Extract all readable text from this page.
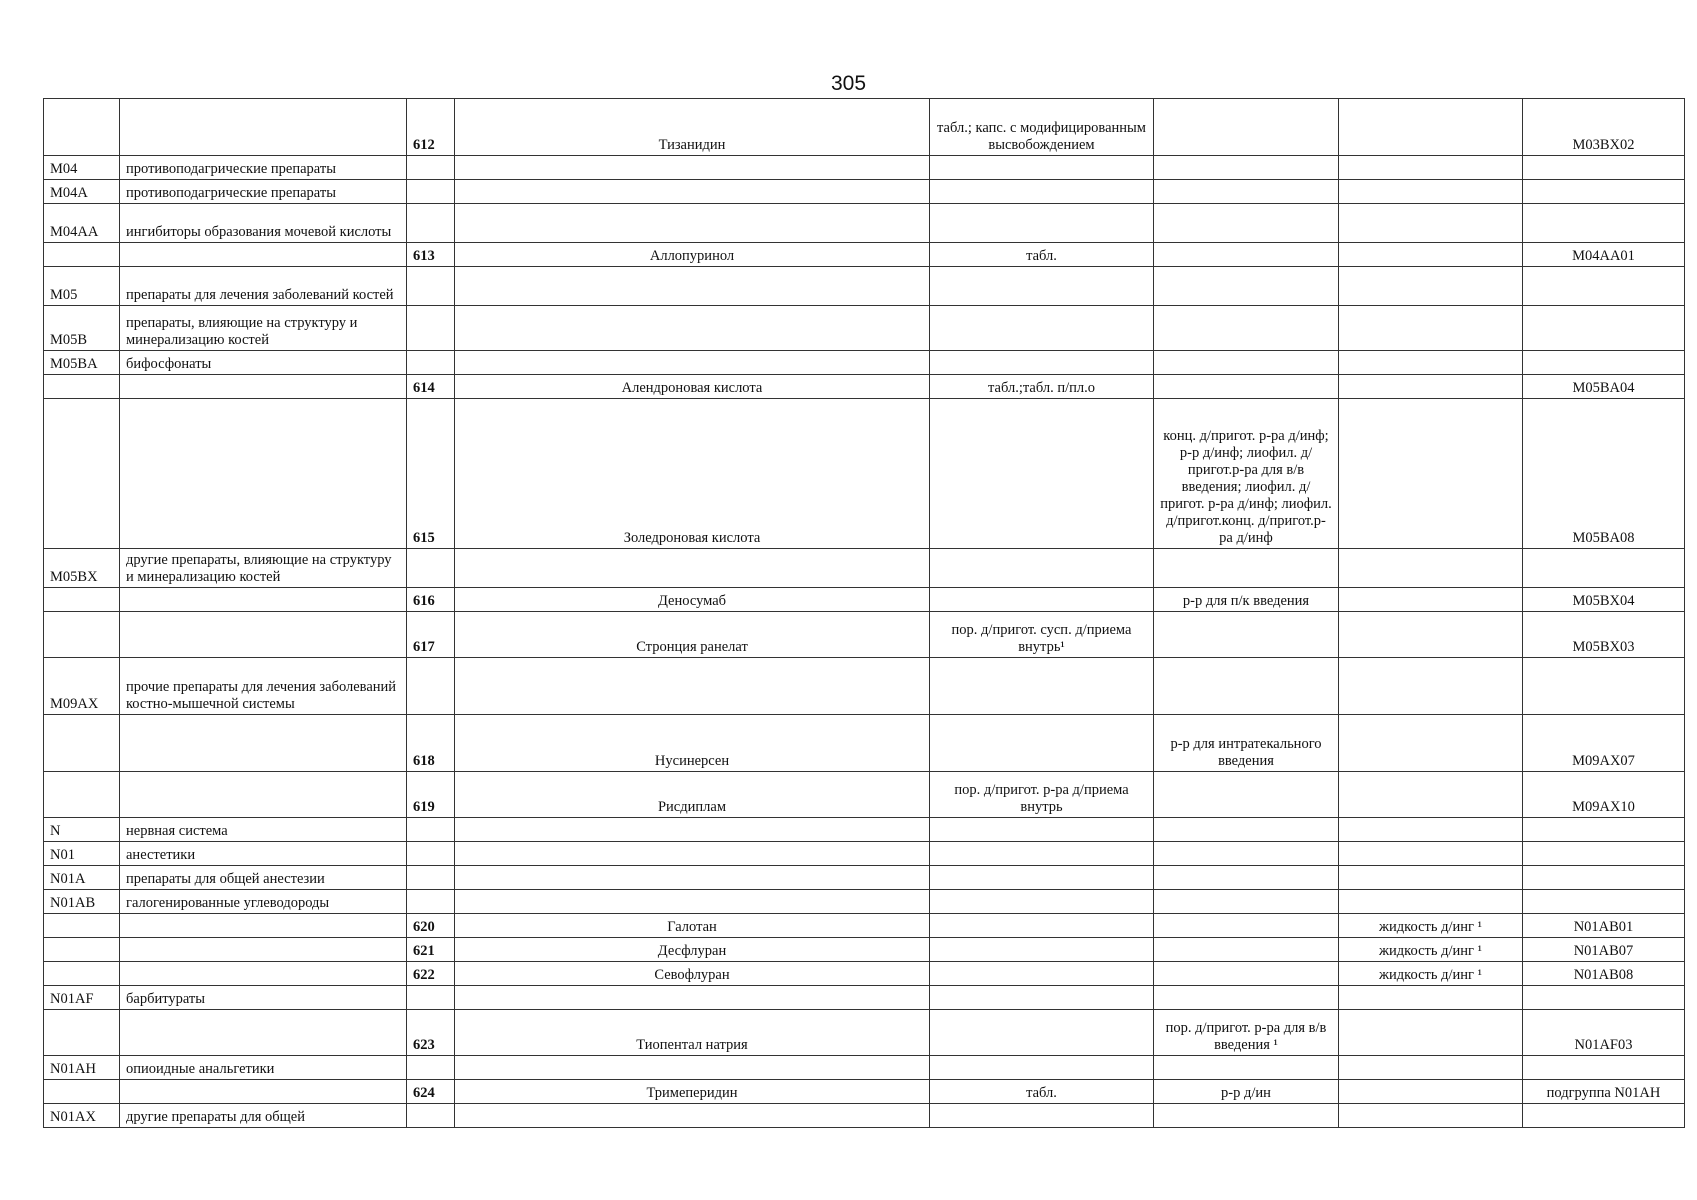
305
		612	Тизанидин	табл.; капс. с модифицированным высвобождением			M03BX02
M04	противоподагрические препараты						
M04A	противоподагрические препараты						
M04AA	ингибиторы образования мочевой кислоты						
		613	Аллопуринол	табл.			M04AA01
M05	препараты для лечения заболеваний костей						
M05B	препараты, влияющие на структуру и минерализацию костей						
M05BA	бифосфонаты						
		614	Алендроновая кислота	табл.;табл. п/пл.о			M05BA04
		615	Золедроновая кислота		конц. д/пригот. р-ра д/инф; р-р д/инф; лиофил. д/пригот.р-ра для в/в введения; лиофил. д/пригот. р-ра д/инф; лиофил. д/пригот.конц. д/пригот.р-ра д/инф		M05BA08
M05BX	другие препараты, влияющие на структуру и минерализацию костей						
		616	Деносумаб		р-р для п/к введения		M05BX04
		617	Стронция ранелат	пор. д/пригот. сусп. д/приема внутрь¹			M05BX03
M09AX	прочие препараты для лечения заболеваний костно-мышечной системы						
		618	Нусинерсен		р-р для интратекального введения		M09AX07
		619	Рисдиплам	пор. д/пригот. р-ра д/приема внутрь			M09AX10
N	нервная система						
N01	анестетики						
N01A	препараты для общей анестезии						
N01AB	галогенированные углеводороды						
		620	Галотан			жидкость д/инг ¹	N01AB01
		621	Десфлуран			жидкость д/инг ¹	N01AB07
		622	Севофлуран			жидкость д/инг ¹	N01AB08
N01AF	барбитураты						
		623	Тиопентал натрия		пор. д/пригот. р-ра для в/в введения ¹		N01AF03
N01AH	опиоидные анальгетики						
		624	Тримеперидин	табл.	р-р д/ин		подгруппа N01AH
N01AX	другие препараты для общей						
